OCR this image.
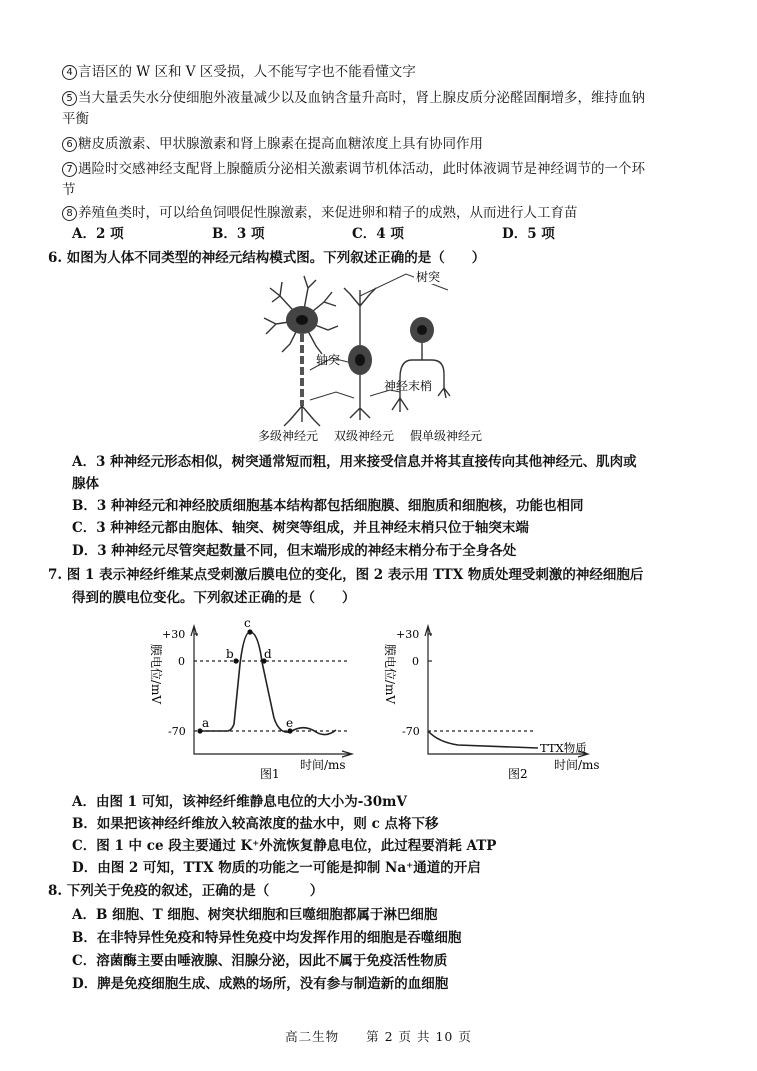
4 言语区的 W 区和 V 区受损，人不能写字也不能看懂文字
5 当大量丢失水分使细胞外液量减少以及血钠含量升高时，肾上腺皮质分泌醛固酮增多，维持血钠
平衡
6 糖皮质激素、甲状腺激素和肾上腺素在提高血糖浓度上具有协同作用
7 遇险时交感神经支配肾上腺髓质分泌相关激素调节机体活动，此时体液调节是神经调节的一个环
节
8 养殖鱼类时，可以给鱼饲喂促性腺激素，来促进卵和精子的成熟，从而进行人工育苗
A．2 项	B．3 项	C．4 项	D．5 项
6. 如图为人体不同类型的神经元结构模式图。下列叙述正确的是（　　）
树突
轴突
神经末梢
多级神经元 双级神经元 假单级神经元
A．3 种神经元形态相似，树突通常短而粗，用来接受信息并将其直接传向其他神经元、肌肉或
腺体
B．3 种神经元和神经胶质细胞基本结构都包括细胞膜、细胞质和细胞核，功能也相同
C．3 种神经元都由胞体、轴突、树突等组成，并且神经末梢只位于轴突末端
D．3 种神经元尽管突起数量不同，但末端形成的神经末梢分布于全身各处
7. 图 1 表示神经纤维某点受刺激后膜电位的变化，图 2 表示用 TTX 物质处理受刺激的神经细胞后
得到的膜电位变化。下列叙述正确的是（　　）
+30
0
-70
a
b
c
d
e
膜电位/mV
时间/ms
图1
+30
0
-70
TTX物质
膜电位/mV
时间/ms
图2
A．由图 1 可知，该神经纤维静息电位的大小为-30mV
B．如果把该神经纤维放入较高浓度的盐水中，则 c 点将下移
C．图 1 中 ce 段主要通过 K⁺外流恢复静息电位，此过程要消耗 ATP
D．由图 2 可知，TTX 物质的功能之一可能是抑制 Na⁺通道的开启
8. 下列关于免疫的叙述，正确的是（　　　）
A．B 细胞、T 细胞、树突状细胞和巨噬细胞都属于淋巴细胞
B．在非特异性免疫和特异性免疫中均发挥作用的细胞是吞噬细胞
C．溶菌酶主要由唾液腺、泪腺分泌，因此不属于免疫活性物质
D．脾是免疫细胞生成、成熟的场所，没有参与制造新的血细胞
高二生物　　第 2 页 共 10 页
